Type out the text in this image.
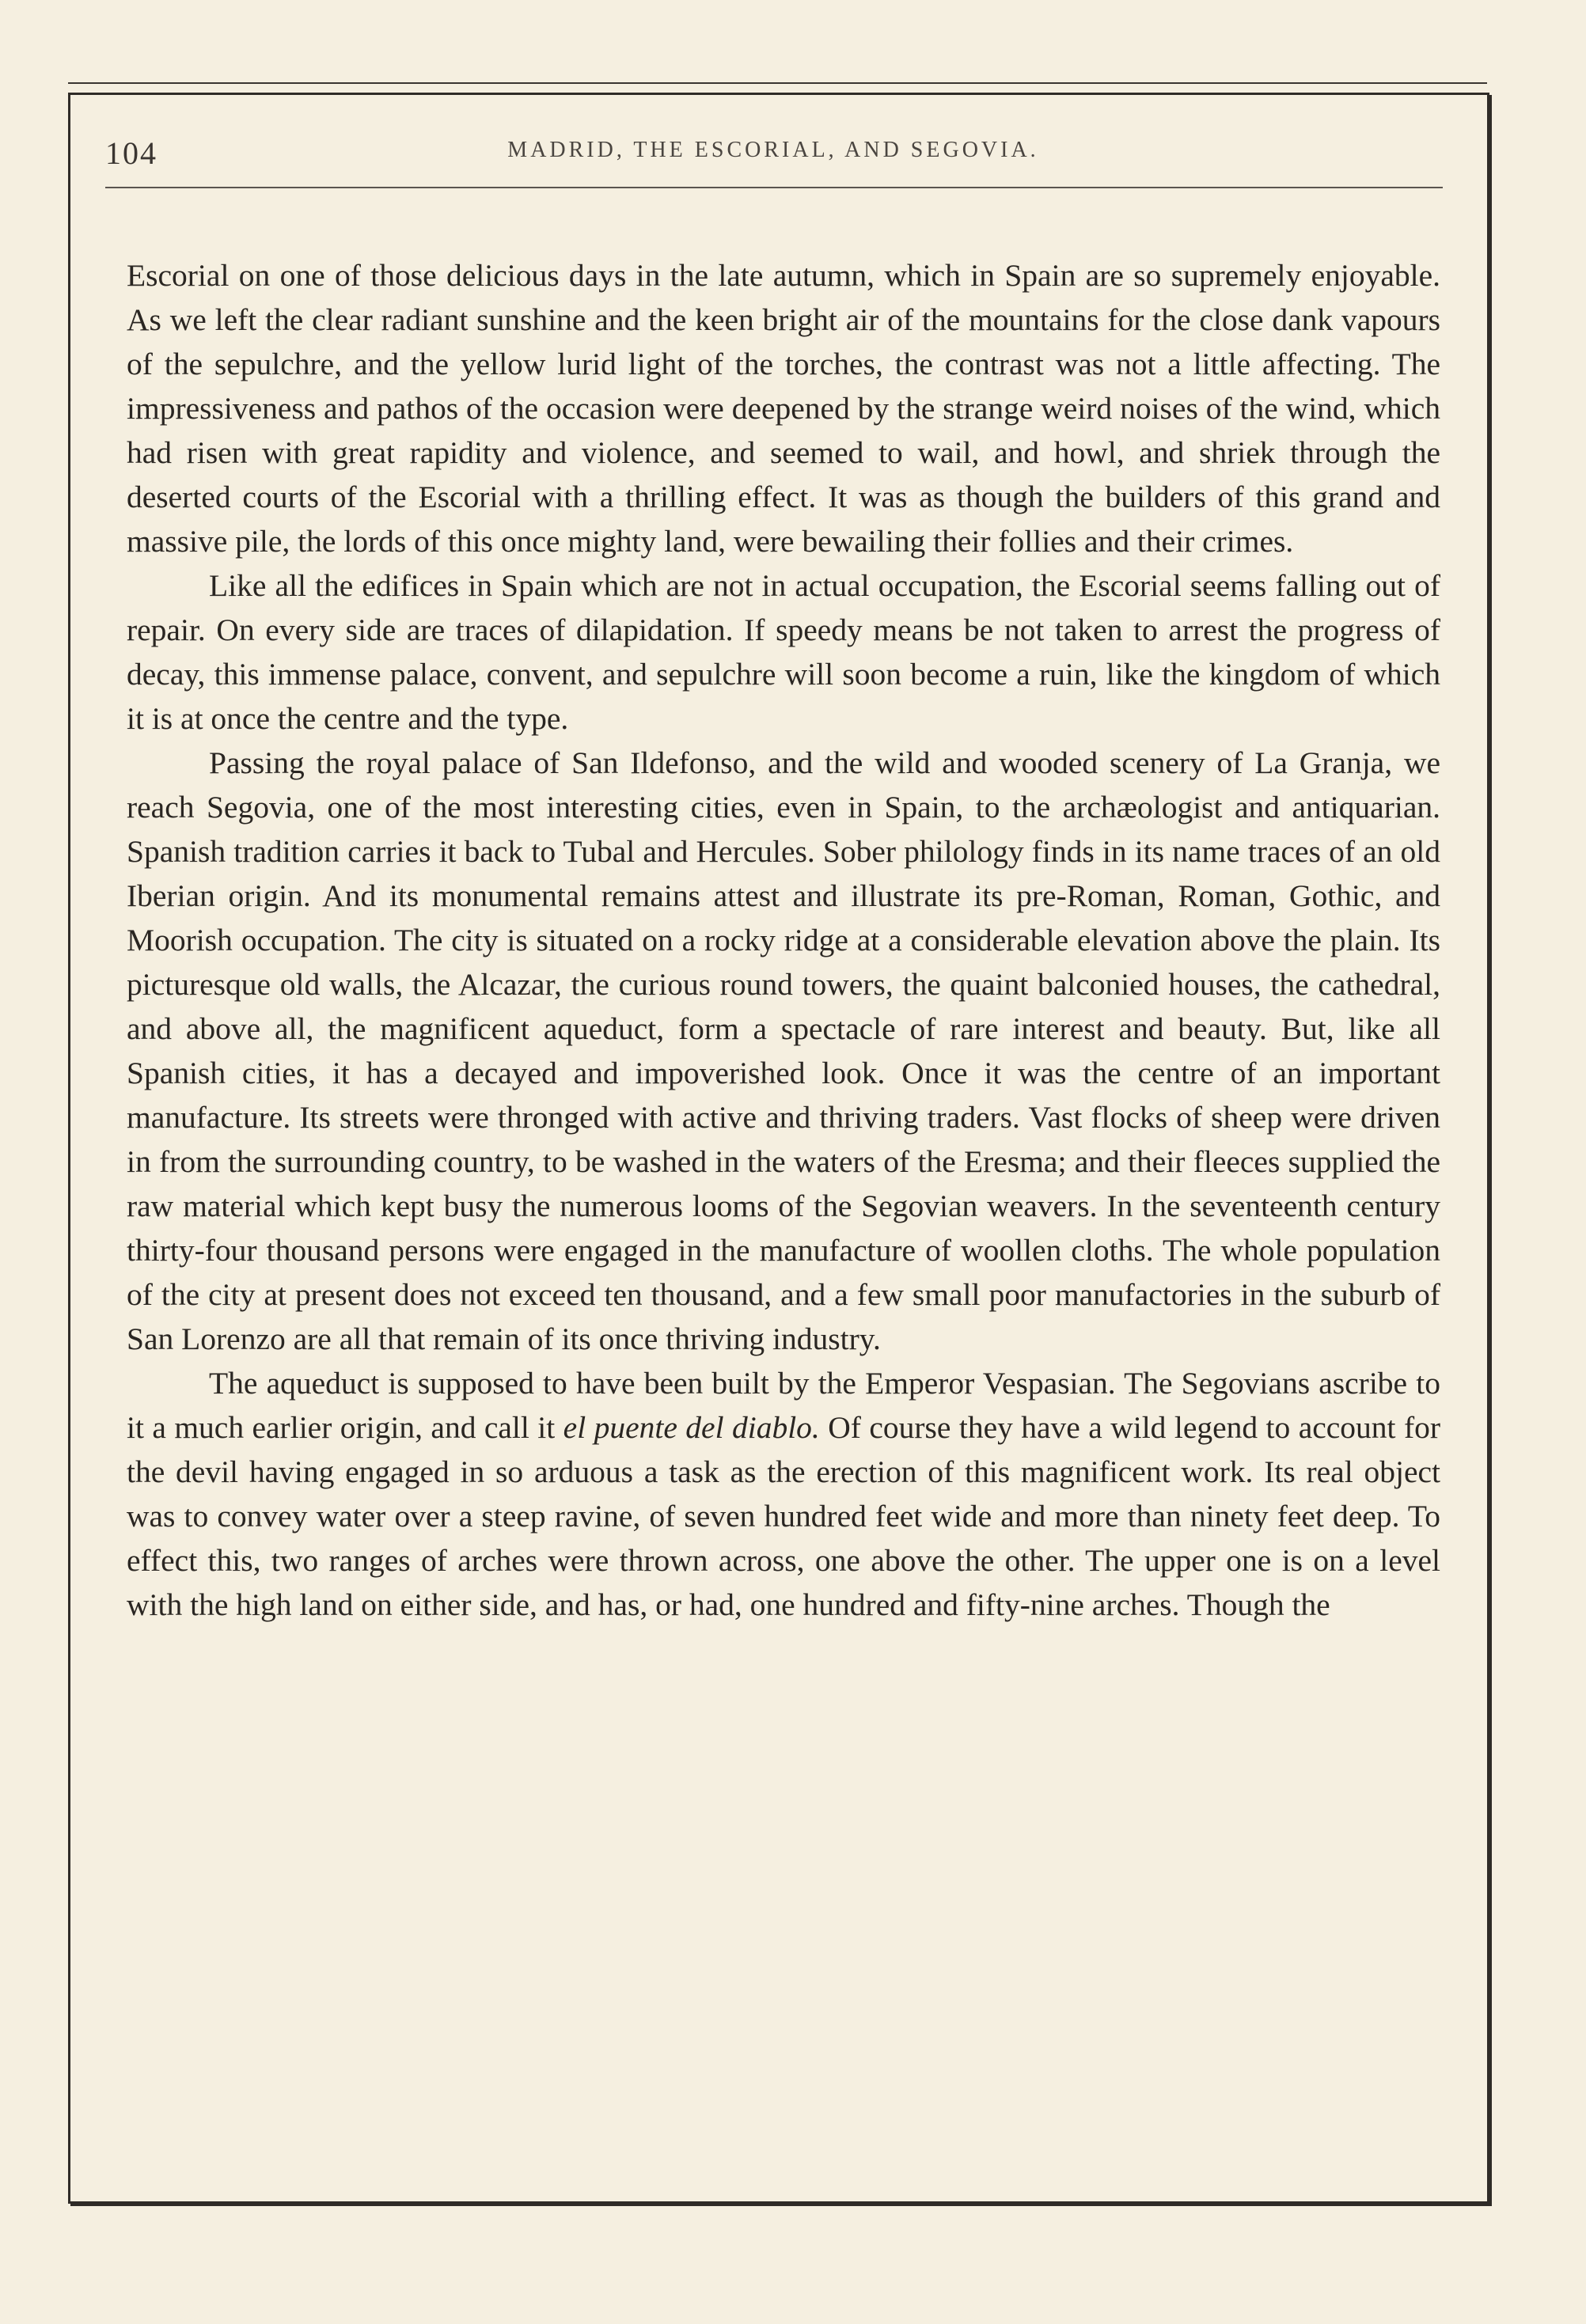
104	MADRID, THE ESCORIAL, AND SEGOVIA.

Escorial on one of those delicious days in the late autumn, which in Spain are so supremely enjoyable. As we left the clear radiant sunshine and the keen bright air of the mountains for the close dank vapours of the sepulchre, and the yellow lurid light of the torches, the contrast was not a little affecting. The impressiveness and pathos of the occasion were deepened by the strange weird noises of the wind, which had risen with great rapidity and violence, and seemed to wail, and howl, and shriek through the deserted courts of the Escorial with a thrilling effect. It was as though the builders of this grand and massive pile, the lords of this once mighty land, were bewailing their follies and their crimes.

Like all the edifices in Spain which are not in actual occupation, the Escorial seems falling out of repair. On every side are traces of dilapidation. If speedy means be not taken to arrest the progress of decay, this immense palace, convent, and sepulchre will soon become a ruin, like the kingdom of which it is at once the centre and the type.

Passing the royal palace of San Ildefonso, and the wild and wooded scenery of La Granja, we reach Segovia, one of the most interesting cities, even in Spain, to the archæologist and antiquarian. Spanish tradition carries it back to Tubal and Hercules. Sober philology finds in its name traces of an old Iberian origin. And its monumental remains attest and illustrate its pre-Roman, Roman, Gothic, and Moorish occupation. The city is situated on a rocky ridge at a considerable elevation above the plain. Its picturesque old walls, the Alcazar, the curious round towers, the quaint balconied houses, the cathedral, and above all, the magnificent aqueduct, form a spectacle of rare interest and beauty. But, like all Spanish cities, it has a decayed and impoverished look. Once it was the centre of an important manufacture. Its streets were thronged with active and thriving traders. Vast flocks of sheep were driven in from the surrounding country, to be washed in the waters of the Eresma; and their fleeces supplied the raw material which kept busy the numerous looms of the Segovian weavers. In the seventeenth century thirty-four thousand persons were engaged in the manufacture of woollen cloths. The whole population of the city at present does not exceed ten thousand, and a few small poor manufactories in the suburb of San Lorenzo are all that remain of its once thriving industry.

The aqueduct is supposed to have been built by the Emperor Vespasian. The Segovians ascribe to it a much earlier origin, and call it el puente del diablo. Of course they have a wild legend to account for the devil having engaged in so arduous a task as the erection of this magnificent work. Its real object was to convey water over a steep ravine, of seven hundred feet wide and more than ninety feet deep. To effect this, two ranges of arches were thrown across, one above the other. The upper one is on a level with the high land on either side, and has, or had, one hundred and fifty-nine arches. Though the
